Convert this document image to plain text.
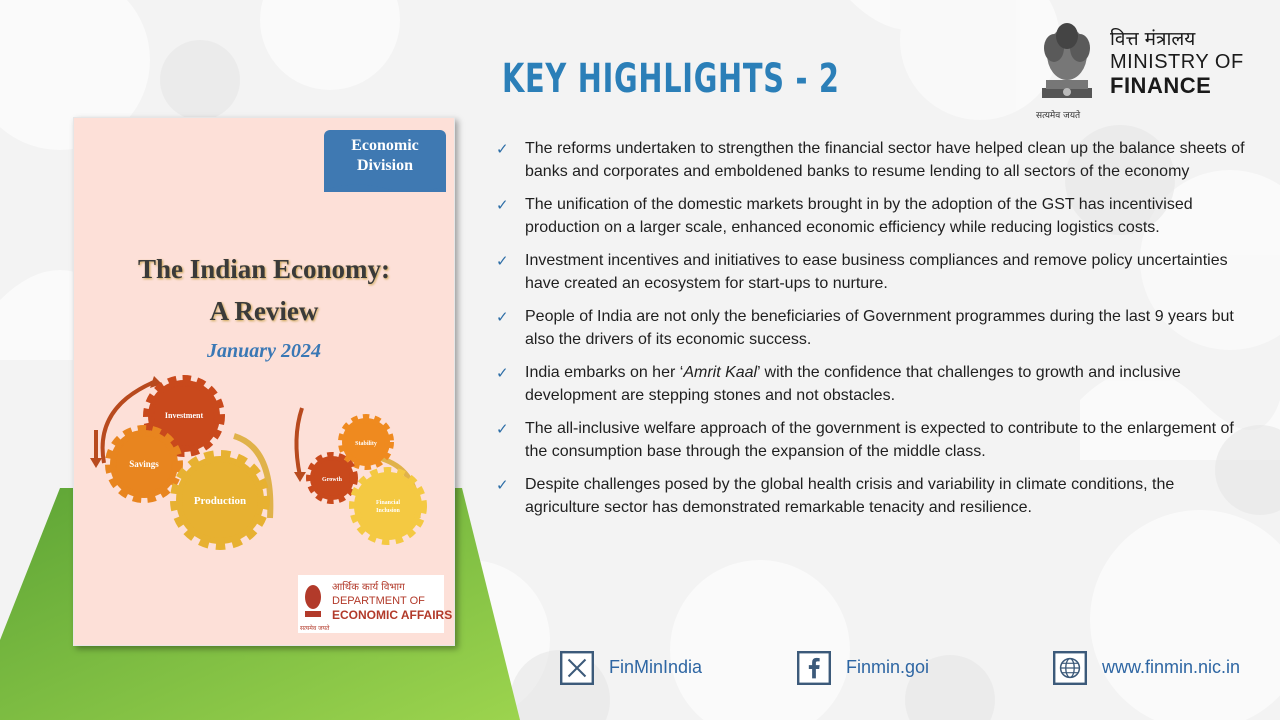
KEY HIGHLIGHTS - 2
सत्यमेव जयते
वित्त मंत्रालय
MINISTRY OF
FINANCE
Economic
Division
The Indian Economy:
A Review
January 2024
Investment
Savings
Production
Stability
Growth
Financial
Inclusion
आर्थिक कार्य विभाग
DEPARTMENT OF
ECONOMIC AFFAIRS
सत्यमेव जयते
✓ The reforms undertaken to strengthen the financial sector have helped clean up the balance sheets of banks and corporates and emboldened banks to resume lending to all sectors of the economy
✓ The unification of the domestic markets brought in by the adoption of the GST has incentivised production on a larger scale, enhanced economic efficiency while reducing logistics costs.
✓ Investment incentives and initiatives to ease business compliances and remove policy uncertainties have created an ecosystem for start-ups to nurture.
✓ People of India are not only the beneficiaries of Government programmes during the last 9 years but also the drivers of its economic success.
✓ India embarks on her ‘Amrit Kaal’ with the confidence that challenges to growth and inclusive development are stepping stones and not obstacles.
✓ The all-inclusive welfare approach of the government is expected to contribute to the enlargement of the consumption base through the expansion of the middle class.
✓ Despite challenges posed by the global health crisis and variability in climate conditions, the agriculture sector has demonstrated remarkable tenacity and resilience.
FinMinIndia	Finmin.goi	www.finmin.nic.in
